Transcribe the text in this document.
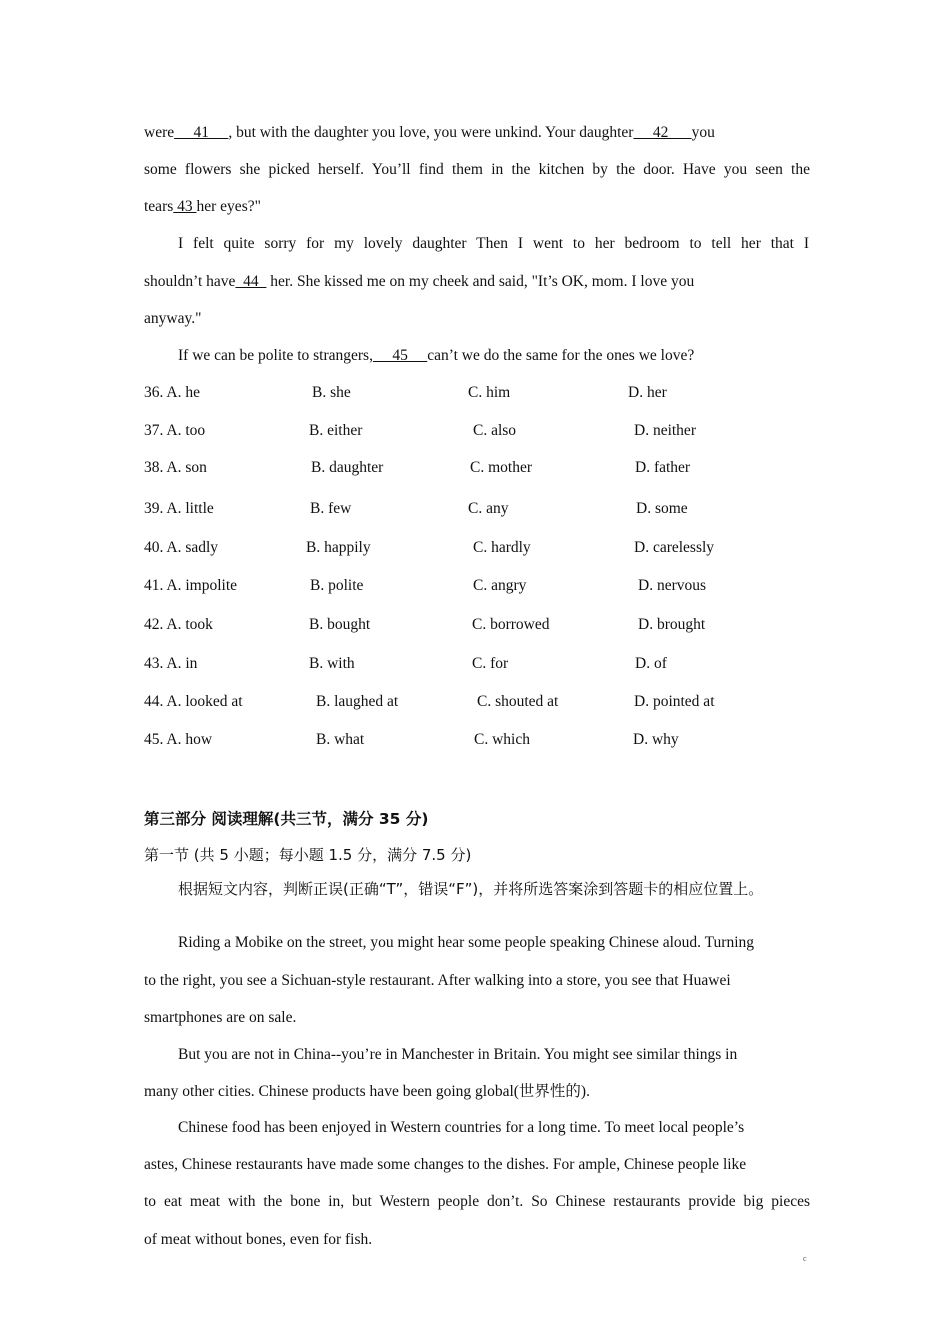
were     41     , but with the daughter you love, you were unkind. Your daughter     42      you
some flowers she picked herself. You’ll find them in the kitchen by the door. Have you seen the
tears 43 her eyes?"
I felt quite sorry for my lovely daughter Then I went to her bedroom to tell her that I
shouldn’t have  44   her. She kissed me on my cheek and said, "It’s OK, mom. I love you
anyway."
If we can be polite to strangers,     45     can’t we do the same for the ones we love?
36. A. he	B. she	C. him	D. her
37. A. too	B. either	C. also	D. neither
38. A. son	B. daughter	C. mother	D. father
39. A. little	B. few	C. any	D. some
40. A. sadly	B. happily	C. hardly	D. carelessly
41. A. impolite	B. polite	C. angry	D. nervous
42. A. took	B. bought	C. borrowed	D. brought
43. A. in	B. with	C. for	D. of
44. A. looked at	B. laughed at	C. shouted at	D. pointed at
45. A. how	B. what	C. which	D. why
第三部分 阅读理解(共三节，满分 35 分)
第一节 (共 5 小题；每小题 1.5 分，满分 7.5 分)
根据短文内容，判断正误(正确“T”，错误“F”)，并将所选答案涂到答题卡的相应位置上。
Riding a Mobike on the street, you might hear some people speaking Chinese aloud. Turning
to the right, you see a Sichuan-style restaurant. After walking into a store, you see that Huawei
smartphones are on sale.
But you are not in China--you’re in Manchester in Britain. You might see similar things in
many other cities. Chinese products have been going global(世界性的).
Chinese food has been enjoyed in Western countries for a long time. To meet local people’s
astes, Chinese restaurants have made some changes to the dishes. For ample, Chinese people like
to eat meat with the bone in, but Western people don’t. So Chinese restaurants provide big pieces
of meat without bones, even for fish.
c
